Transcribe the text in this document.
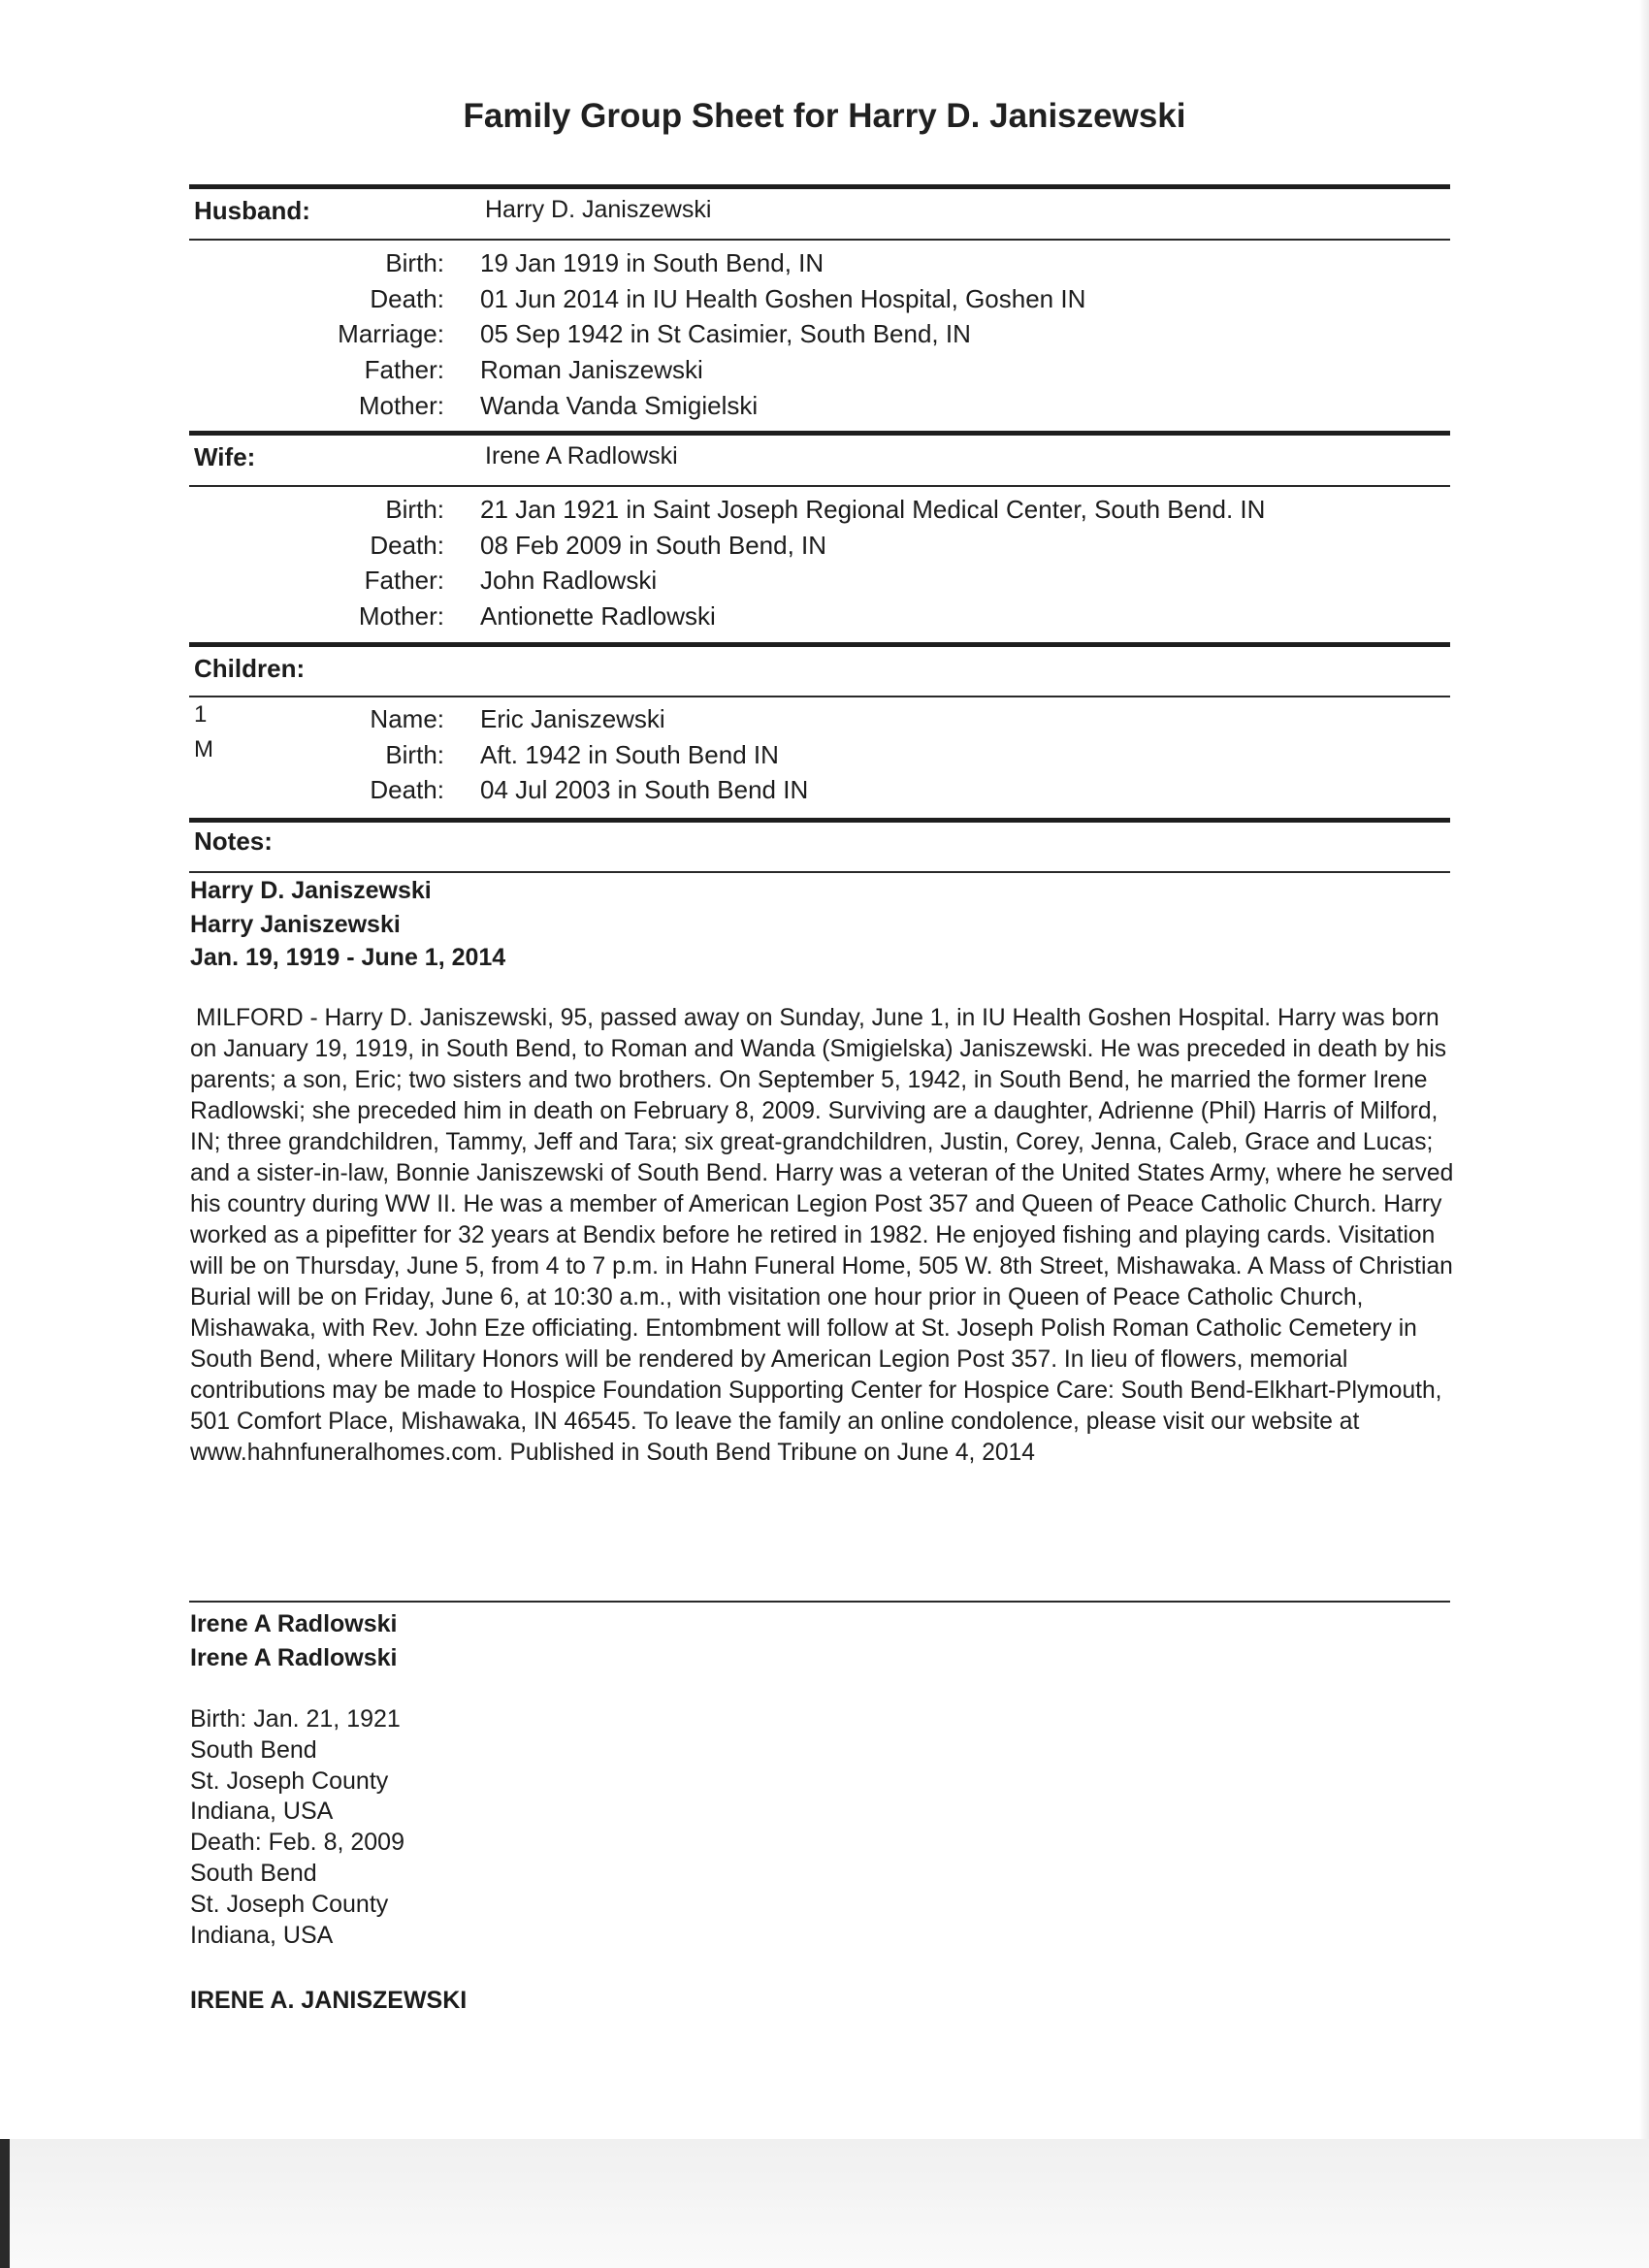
Family Group Sheet for Harry D. Janiszewski
Husband:	Harry D. Janiszewski
Birth: 19 Jan 1919 in South Bend, IN
Death: 01 Jun 2014 in IU Health Goshen Hospital, Goshen IN
Marriage: 05 Sep 1942 in St Casimier, South Bend, IN
Father: Roman Janiszewski
Mother: Wanda Vanda Smigielski
Wife:	Irene A Radlowski
Birth: 21 Jan 1921 in Saint Joseph Regional Medical Center, South Bend. IN
Death: 08 Feb 2009 in South Bend, IN
Father: John Radlowski
Mother: Antionette Radlowski
Children:
1
M
Name: Eric Janiszewski
Birth: Aft. 1942 in South Bend IN
Death: 04 Jul 2003 in South Bend IN
Notes:
Harry D. Janiszewski
Harry Janiszewski
Jan. 19, 1919 - June 1, 2014

MILFORD - Harry D. Janiszewski, 95, passed away on Sunday, June 1, in IU Health Goshen Hospital. Harry was born on January 19, 1919, in South Bend, to Roman and Wanda (Smigielska) Janiszewski. He was preceded in death by his parents; a son, Eric; two sisters and two brothers. On September 5, 1942, in South Bend, he married the former Irene Radlowski; she preceded him in death on February 8, 2009. Surviving are a daughter, Adrienne (Phil) Harris of Milford, IN; three grandchildren, Tammy, Jeff and Tara; six great-grandchildren, Justin, Corey, Jenna, Caleb, Grace and Lucas; and a sister-in-law, Bonnie Janiszewski of South Bend. Harry was a veteran of the United States Army, where he served his country during WW II. He was a member of American Legion Post 357 and Queen of Peace Catholic Church. Harry worked as a pipefitter for 32 years at Bendix before he retired in 1982. He enjoyed fishing and playing cards. Visitation will be on Thursday, June 5, from 4 to 7 p.m. in Hahn Funeral Home, 505 W. 8th Street, Mishawaka. A Mass of Christian Burial will be on Friday, June 6, at 10:30 a.m., with visitation one hour prior in Queen of Peace Catholic Church, Mishawaka, with Rev. John Eze officiating. Entombment will follow at St. Joseph Polish Roman Catholic Cemetery in South Bend, where Military Honors will be rendered by American Legion Post 357. In lieu of flowers, memorial contributions may be made to Hospice Foundation Supporting Center for Hospice Care: South Bend-Elkhart-Plymouth, 501 Comfort Place, Mishawaka, IN 46545. To leave the family an online condolence, please visit our website at www.hahnfuneralhomes.com. Published in South Bend Tribune on June 4, 2014

Irene A Radlowski
Irene A Radlowski
Birth: Jan. 21, 1921
South Bend
St. Joseph County
Indiana, USA
Death: Feb. 8, 2009
South Bend
St. Joseph County
Indiana, USA
IRENE A. JANISZEWSKI
